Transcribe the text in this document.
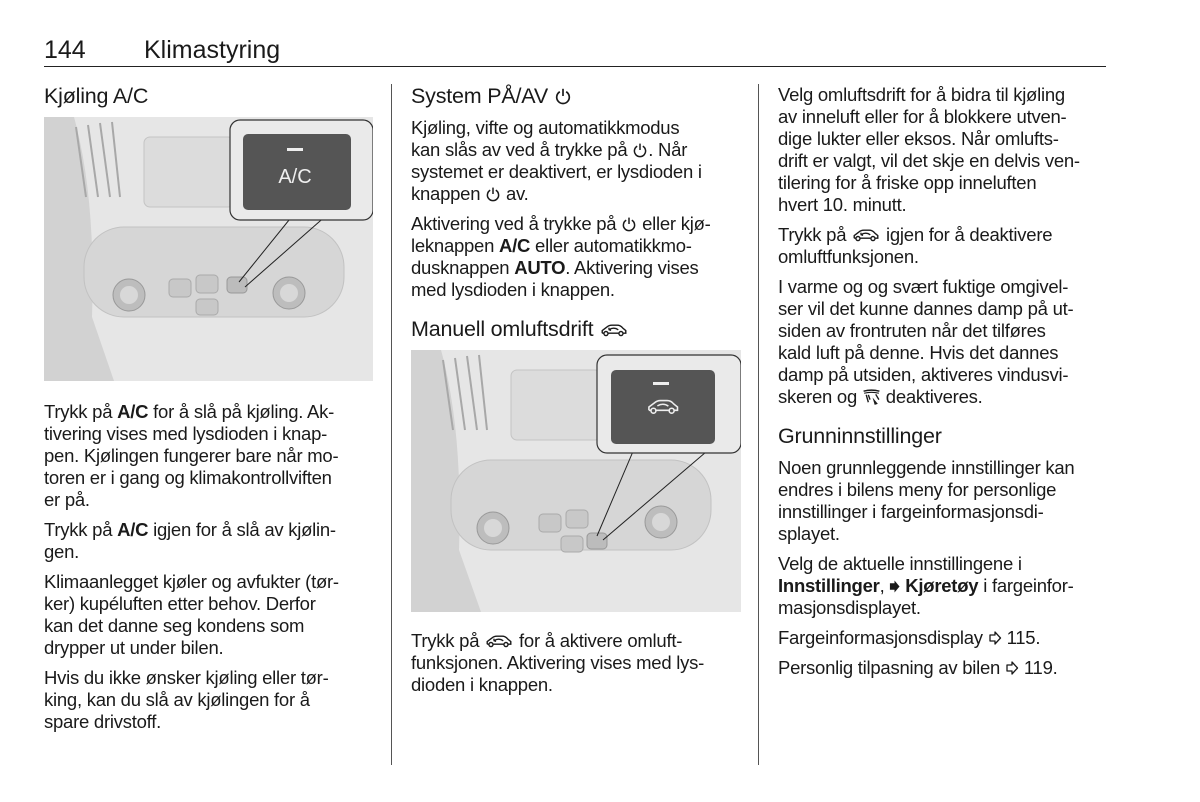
144 Klimastyring
Kjøling A/C
A/C

Trykk på A/C for å slå på kjøling. Ak-
tivering vises med lysdioden i knap-
pen. Kjølingen fungerer bare når mo-
toren er i gang og klimakontrollviften
er på.

Trykk på A/C igjen for å slå av kjølin-
gen.

Klimaanlegget kjøler og avfukter (tør-
ker) kupéluften etter behov. Derfor
kan det danne seg kondens som
drypper ut under bilen.

Hvis du ikke ønsker kjøling eller tør-
king, kan du slå av kjølingen for å
spare drivstoff.

System PÅ/AV

Kjøling, vifte og automatikkmodus
kan slås av ved å trykke på . Når
systemet er deaktivert, er lysdioden i
knappen  av.

Aktivering ved å trykke på  eller kjø-
leknappen A/C eller automatikkmo-
dusknappen AUTO. Aktivering vises
med lysdioden i knappen.

Manuell omluftsdrift

Trykk på  for å aktivere omluft-
funksjonen. Aktivering vises med lys-
dioden i knappen.

Velg omluftsdrift for å bidra til kjøling
av inneluft eller for å blokkere utven-
dige lukter eller eksos. Når omlufts-
drift er valgt, vil det skje en delvis ven-
tilering for å friske opp inneluften
hvert 10. minutt.

Trykk på  igjen for å deaktivere
omluftfunksjonen.

I varme og og svært fuktige omgivel-
ser vil det kunne dannes damp på ut-
siden av frontruten når det tilføres
kald luft på denne. Hvis det dannes
damp på utsiden, aktiveres vindusvi-
skeren og  deaktiveres.

Grunninnstillinger

Noen grunnleggende innstillinger kan
endres i bilens meny for personlige
innstillinger i fargeinformasjonsdi-
splayet.

Velg de aktuelle innstillingene i
Innstillinger,  Kjøretøy i fargeinfor-
masjonsdisplayet.

Fargeinformasjonsdisplay  115.

Personlig tilpasning av bilen  119.
